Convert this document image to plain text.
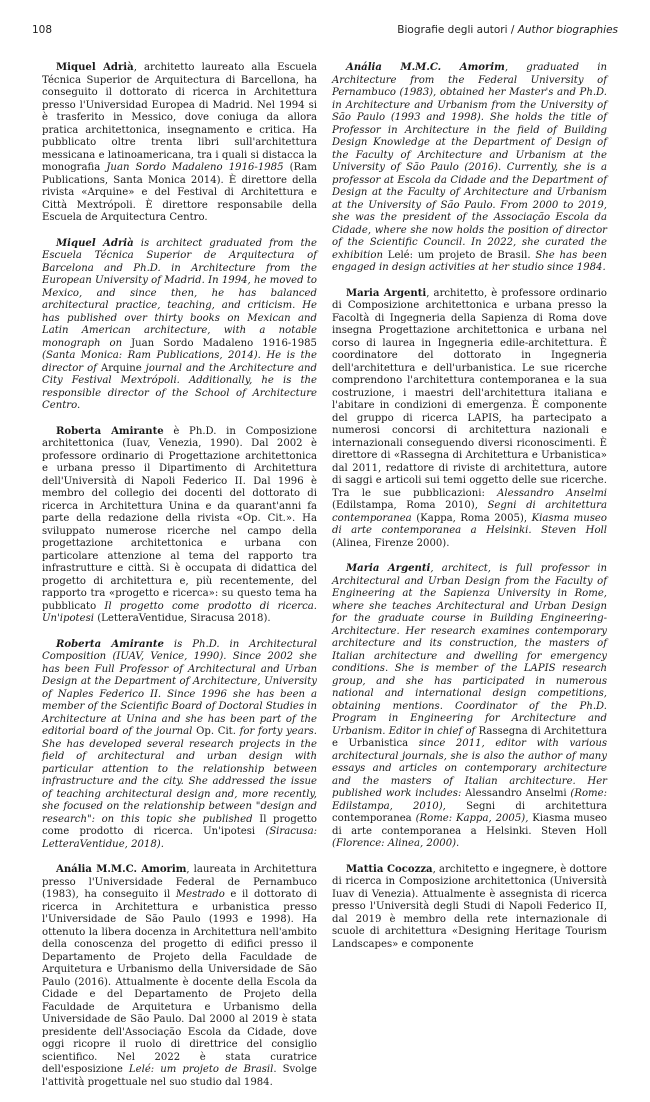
108	Biografie degli autori / Author biographies

Miquel Adrià, architetto laureato alla Escuela Técnica Superior de Arquitectura di Barcellona, ha conseguito il dottorato di ricerca in Architettura presso l'Universidad Europea di Madrid. Nel 1994 si è trasferito in Messico, dove coniuga da allora pratica architettonica, insegnamento e critica. Ha pubblicato oltre trenta libri sull'architettura messicana e latinoamericana, tra i quali si distacca la monografia Juan Sordo Madaleno 1916-1985 (Ram Publications, Santa Monica 2014). È direttore della rivista «Arquine» e del Festival di Architettura e Città Mextrópoli. È direttore responsabile della Escuela de Arquitectura Centro.

Miquel Adrià is architect graduated from the Escuela Técnica Superior de Arquitectura of Barcelona and Ph.D. in Architecture from the European University of Madrid. In 1994, he moved to Mexico, and since then, he has balanced architectural practice, teaching, and criticism. He has published over thirty books on Mexican and Latin American architecture, with a notable monograph on Juan Sordo Madaleno 1916-1985 (Santa Monica: Ram Publications, 2014). He is the director of Arquine journal and the Architecture and City Festival Mextrópoli. Additionally, he is the responsible director of the School of Architecture Centro.

Roberta Amirante è Ph.D. in Composizione architettonica (Iuav, Venezia, 1990). Dal 2002 è professore ordinario di Progettazione architettonica e urbana presso il Dipartimento di Architettura dell'Università di Napoli Federico II. Dal 1996 è membro del collegio dei docenti del dottorato di ricerca in Architettura Unina e da quarant'anni fa parte della redazione della rivista «Op. Cit.». Ha sviluppato numerose ricerche nel campo della progettazione architettonica e urbana con particolare attenzione al tema del rapporto tra infrastrutture e città. Si è occupata di didattica del progetto di architettura e, più recentemente, del rapporto tra «progetto e ricerca»: su questo tema ha pubblicato Il progetto come prodotto di ricerca. Un'ipotesi (LetteraVentidue, Siracusa 2018).

Roberta Amirante is Ph.D. in Architectural Composition (IUAV, Venice, 1990). Since 2002 she has been Full Professor of Architectural and Urban Design at the Department of Architecture, University of Naples Federico II. Since 1996 she has been a member of the Scientific Board of Doctoral Studies in Architecture at Unina and she has been part of the editorial board of the journal Op. Cit. for forty years. She has developed several research projects in the field of architectural and urban design with particular attention to the relationship between infrastructure and the city. She addressed the issue of teaching architectural design and, more recently, she focused on the relationship between "design and research": on this topic she published Il progetto come prodotto di ricerca. Un'ipotesi (Siracusa: LetteraVentidue, 2018).

Anália M.M.C. Amorim, laureata in Architettura presso l'Universidade Federal de Pernambuco (1983), ha conseguito il Mestrado e il dottorato di ricerca in Architettura e urbanistica presso l'Universidade de São Paulo (1993 e 1998). Ha ottenuto la libera docenza in Architettura nell'ambito della conoscenza del progetto di edifici presso il Departamento de Projeto della Faculdade de Arquitetura e Urbanismo della Universidade de São Paulo (2016). Attualmente è docente della Escola da Cidade e del Departamento de Projeto della Faculdade de Arquitetura e Urbanismo della Universidade de São Paulo. Dal 2000 al 2019 è stata presidente dell'Associação Escola da Cidade, dove oggi ricopre il ruolo di direttrice del consiglio scientifico. Nel 2022 è stata curatrice dell'esposizione Lelé: um projeto de Brasil. Svolge l'attività progettuale nel suo studio dal 1984.

Anália M.M.C. Amorim, graduated in Architecture from the Federal University of Pernambuco (1983), obtained her Master's and Ph.D. in Architecture and Urbanism from the University of São Paulo (1993 and 1998). She holds the title of Professor in Architecture in the field of Building Design Knowledge at the Department of Design of the Faculty of Architecture and Urbanism at the University of São Paulo (2016). Currently, she is a professor at Escola da Cidade and the Department of Design at the Faculty of Architecture and Urbanism at the University of São Paulo. From 2000 to 2019, she was the president of the Associação Escola da Cidade, where she now holds the position of director of the Scientific Council. In 2022, she curated the exhibition Lelé: um projeto de Brasil. She has been engaged in design activities at her studio since 1984.

Maria Argenti, architetto, è professore ordinario di Composizione architettonica e urbana presso la Facoltà di Ingegneria della Sapienza di Roma dove insegna Progettazione architettonica e urbana nel corso di laurea in Ingegneria edile-architettura. È coordinatore del dottorato in Ingegneria dell'architettura e dell'urbanistica. Le sue ricerche comprendono l'architettura contemporanea e la sua costruzione, i maestri dell'architettura italiana e l'abitare in condizioni di emergenza. È componente del gruppo di ricerca LAPIS, ha partecipato a numerosi concorsi di architettura nazionali e internazionali conseguendo diversi riconoscimenti. È direttore di «Rassegna di Architettura e Urbanistica» dal 2011, redattore di riviste di architettura, autore di saggi e articoli sui temi oggetto delle sue ricerche. Tra le sue pubblicazioni: Alessandro Anselmi (Edilstampa, Roma 2010), Segni di architettura contemporanea (Kappa, Roma 2005), Kiasma museo di arte contemporanea a Helsinki. Steven Holl (Alinea, Firenze 2000).

Maria Argenti, architect, is full professor in Architectural and Urban Design from the Faculty of Engineering at the Sapienza University in Rome, where she teaches Architectural and Urban Design for the graduate course in Building Engineering-Architecture. Her research examines contemporary architecture and its construction, the masters of Italian architecture and dwelling for emergency conditions. She is member of the LAPIS research group, and she has participated in numerous national and international design competitions, obtaining mentions. Coordinator of the Ph.D. Program in Engineering for Architecture and Urbanism. Editor in chief of Rassegna di Architettura e Urbanistica since 2011, editor with various architectural journals, she is also the author of many essays and articles on contemporary architecture and the masters of Italian architecture. Her published work includes: Alessandro Anselmi (Rome: Edilstampa, 2010), Segni di architettura contemporanea (Rome: Kappa, 2005), Kiasma museo di arte contemporanea a Helsinki. Steven Holl (Florence: Alinea, 2000).

Mattia Cocozza, architetto e ingegnere, è dottore di ricerca in Composizione architettonica (Università Iuav di Venezia). Attualmente è assegnista di ricerca presso l'Università degli Studi di Napoli Federico II, dal 2019 è membro della rete internazionale di scuole di architettura «Designing Heritage Tourism Landscapes» e componente
